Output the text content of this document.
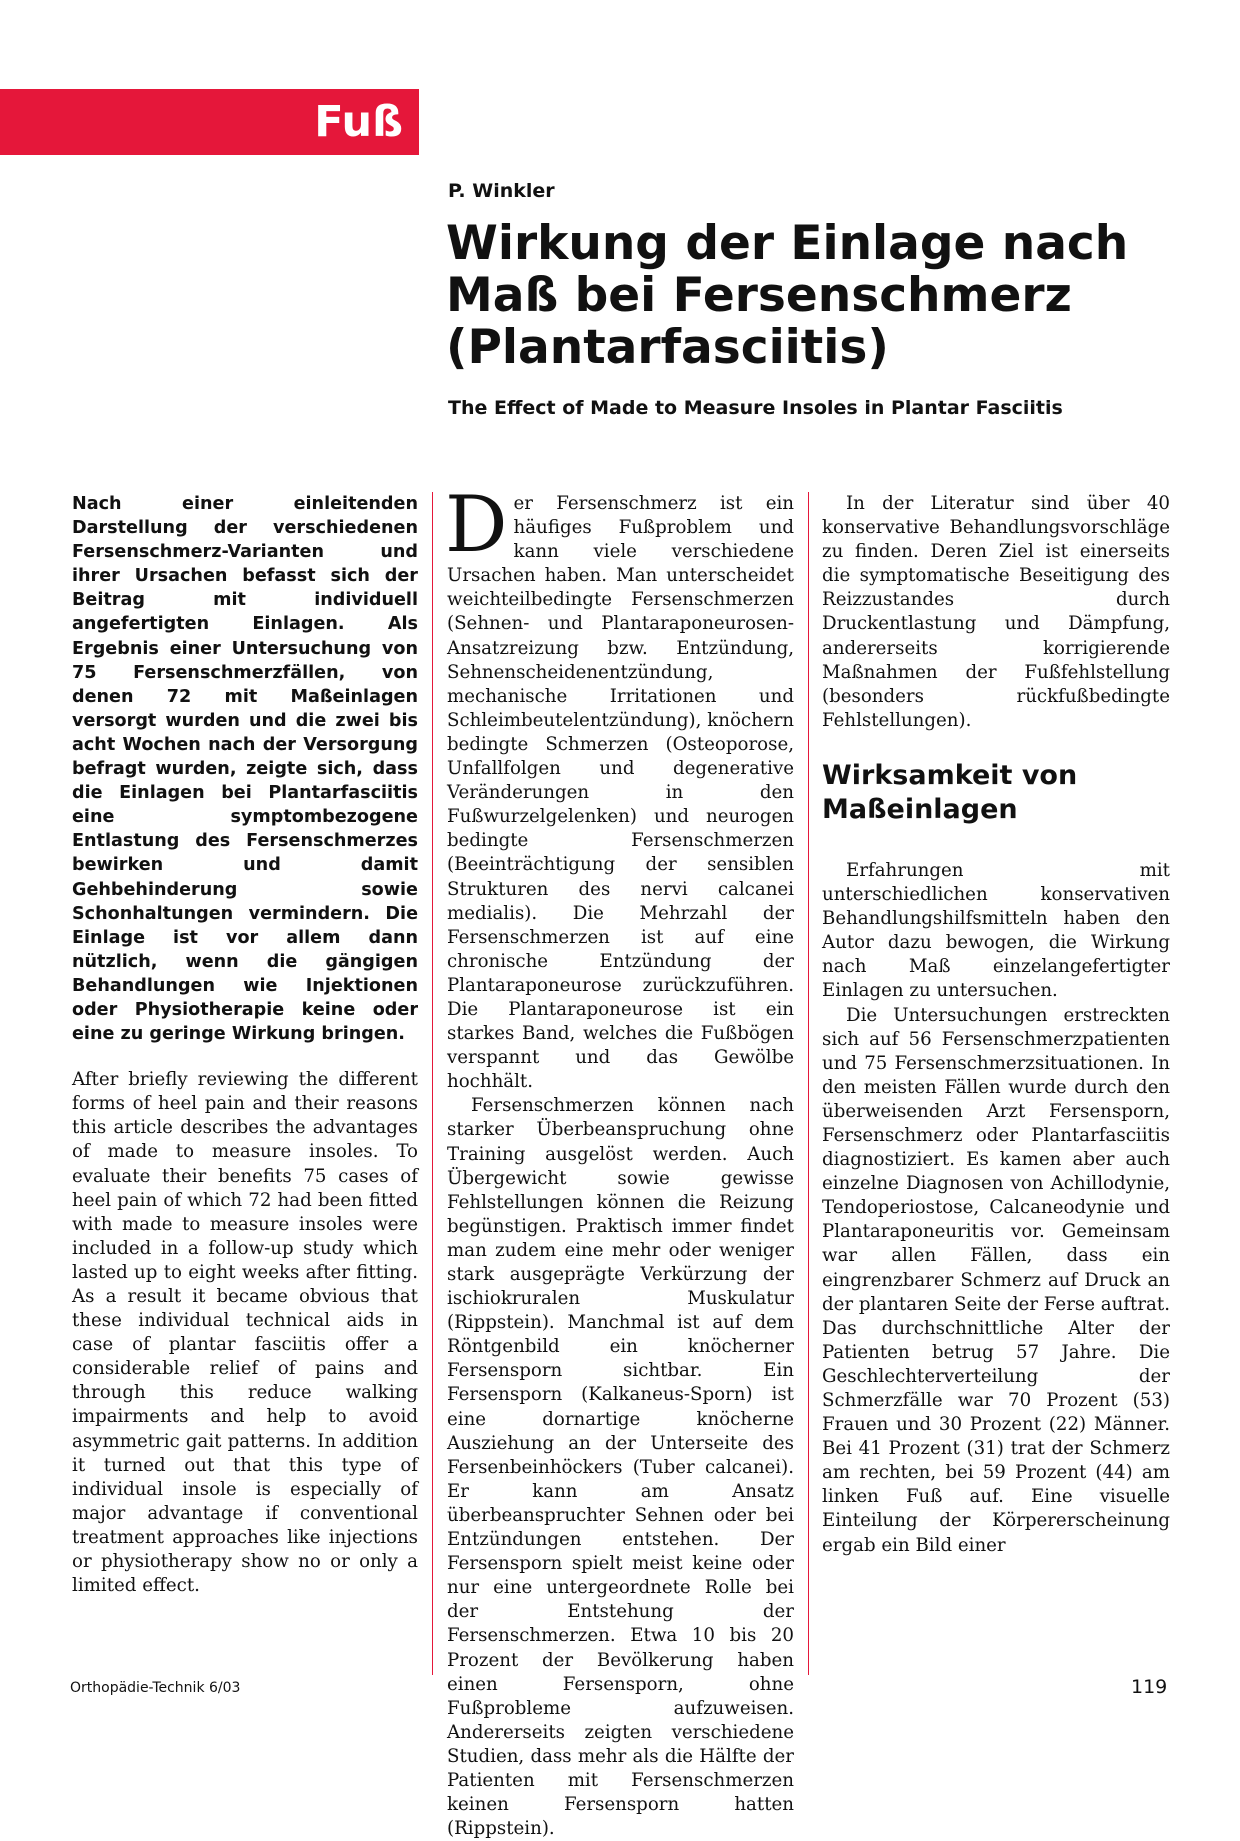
Fuß
P. Winkler
Wirkung der Einlage nach Maß bei Fersenschmerz (Plantarfasciitis)
The Effect of Made to Measure Insoles in Plantar Fasciitis

Nach einer einleitenden Darstellung der verschiedenen Fersenschmerz-Varianten und ihrer Ursachen befasst sich der Beitrag mit individuell angefertigten Einlagen. Als Ergebnis einer Untersuchung von 75 Fersenschmerzfällen, von denen 72 mit Maßeinlagen versorgt wurden und die zwei bis acht Wochen nach der Versorgung befragt wurden, zeigte sich, dass die Einlagen bei Plantarfasciitis eine symptombezogene Entlastung des Fersenschmerzes bewirken und damit Gehbehinderung sowie Schonhaltungen vermindern. Die Einlage ist vor allem dann nützlich, wenn die gängigen Behandlungen wie Injektionen oder Physiotherapie keine oder eine zu geringe Wirkung bringen.

After briefly reviewing the different forms of heel pain and their reasons this article describes the advantages of made to measure insoles. To evaluate their benefits 75 cases of heel pain of which 72 had been fitted with made to measure insoles were included in a follow-up study which lasted up to eight weeks after fitting. As a result it became obvious that these individual technical aids in case of plantar fasciitis offer a considerable relief of pains and through this reduce walking impairments and help to avoid asymmetric gait patterns. In addition it turned out that this type of individual insole is especially of major advantage if conventional treatment approaches like injections or physiotherapy show no or only a limited effect.

Der Fersenschmerz ist ein häufiges Fußproblem und kann viele verschiedene Ursachen haben. Man unterscheidet weichteilbedingte Fersenschmerzen (Sehnen- und Plantaraponeurosen-Ansatzreizung bzw. Entzündung, Sehnenscheidenentzündung, mechanische Irritationen und Schleimbeutelentzündung), knöchern bedingte Schmerzen (Osteoporose, Unfallfolgen und degenerative Veränderungen in den Fußwurzelgelenken) und neurogen bedingte Fersenschmerzen (Beeinträchtigung der sensiblen Strukturen des nervi calcanei medialis). Die Mehrzahl der Fersenschmerzen ist auf eine chronische Entzündung der Plantaraponeurose zurückzuführen. Die Plantaraponeurose ist ein starkes Band, welches die Fußbögen verspannt und das Gewölbe hochhält.

Fersenschmerzen können nach starker Überbeanspruchung ohne Training ausgelöst werden. Auch Übergewicht sowie gewisse Fehlstellungen können die Reizung begünstigen. Praktisch immer findet man zudem eine mehr oder weniger stark ausgeprägte Verkürzung der ischiokruralen Muskulatur (Rippstein). Manchmal ist auf dem Röntgenbild ein knöcherner Fersensporn sichtbar. Ein Fersensporn (Kalkaneus-Sporn) ist eine dornartige knöcherne Ausziehung an der Unterseite des Fersenbeinhöckers (Tuber calcanei). Er kann am Ansatz überbeanspruchter Sehnen oder bei Entzündungen entstehen. Der Fersensporn spielt meist keine oder nur eine untergeordnete Rolle bei der Entstehung der Fersenschmerzen. Etwa 10 bis 20 Prozent der Bevölkerung haben einen Fersensporn, ohne Fußprobleme aufzuweisen. Andererseits zeigten verschiedene Studien, dass mehr als die Hälfte der Patienten mit Fersenschmerzen keinen Fersensporn hatten (Rippstein).

In der Literatur sind über 40 konservative Behandlungsvorschläge zu finden. Deren Ziel ist einerseits die symptomatische Beseitigung des Reizzustandes durch Druckentlastung und Dämpfung, andererseits korrigierende Maßnahmen der Fußfehlstellung (besonders rückfußbedingte Fehlstellungen).

Wirksamkeit von Maßeinlagen

Erfahrungen mit unterschiedlichen konservativen Behandlungshilfsmitteln haben den Autor dazu bewogen, die Wirkung nach Maß einzelangefertigter Einlagen zu untersuchen.

Die Untersuchungen erstreckten sich auf 56 Fersenschmerzpatienten und 75 Fersenschmerzsituationen. In den meisten Fällen wurde durch den überweisenden Arzt Fersensporn, Fersenschmerz oder Plantarfasciitis diagnostiziert. Es kamen aber auch einzelne Diagnosen von Achillodynie, Tendoperiostose, Calcaneodynie und Plantaraponeuritis vor. Gemeinsam war allen Fällen, dass ein eingrenzbarer Schmerz auf Druck an der plantaren Seite der Ferse auftrat. Das durchschnittliche Alter der Patienten betrug 57 Jahre. Die Geschlechterverteilung der Schmerzfälle war 70 Prozent (53) Frauen und 30 Prozent (22) Männer. Bei 41 Prozent (31) trat der Schmerz am rechten, bei 59 Prozent (44) am linken Fuß auf. Eine visuelle Einteilung der Körpererscheinung ergab ein Bild einer

Orthopädie-Technik 6/03	119
